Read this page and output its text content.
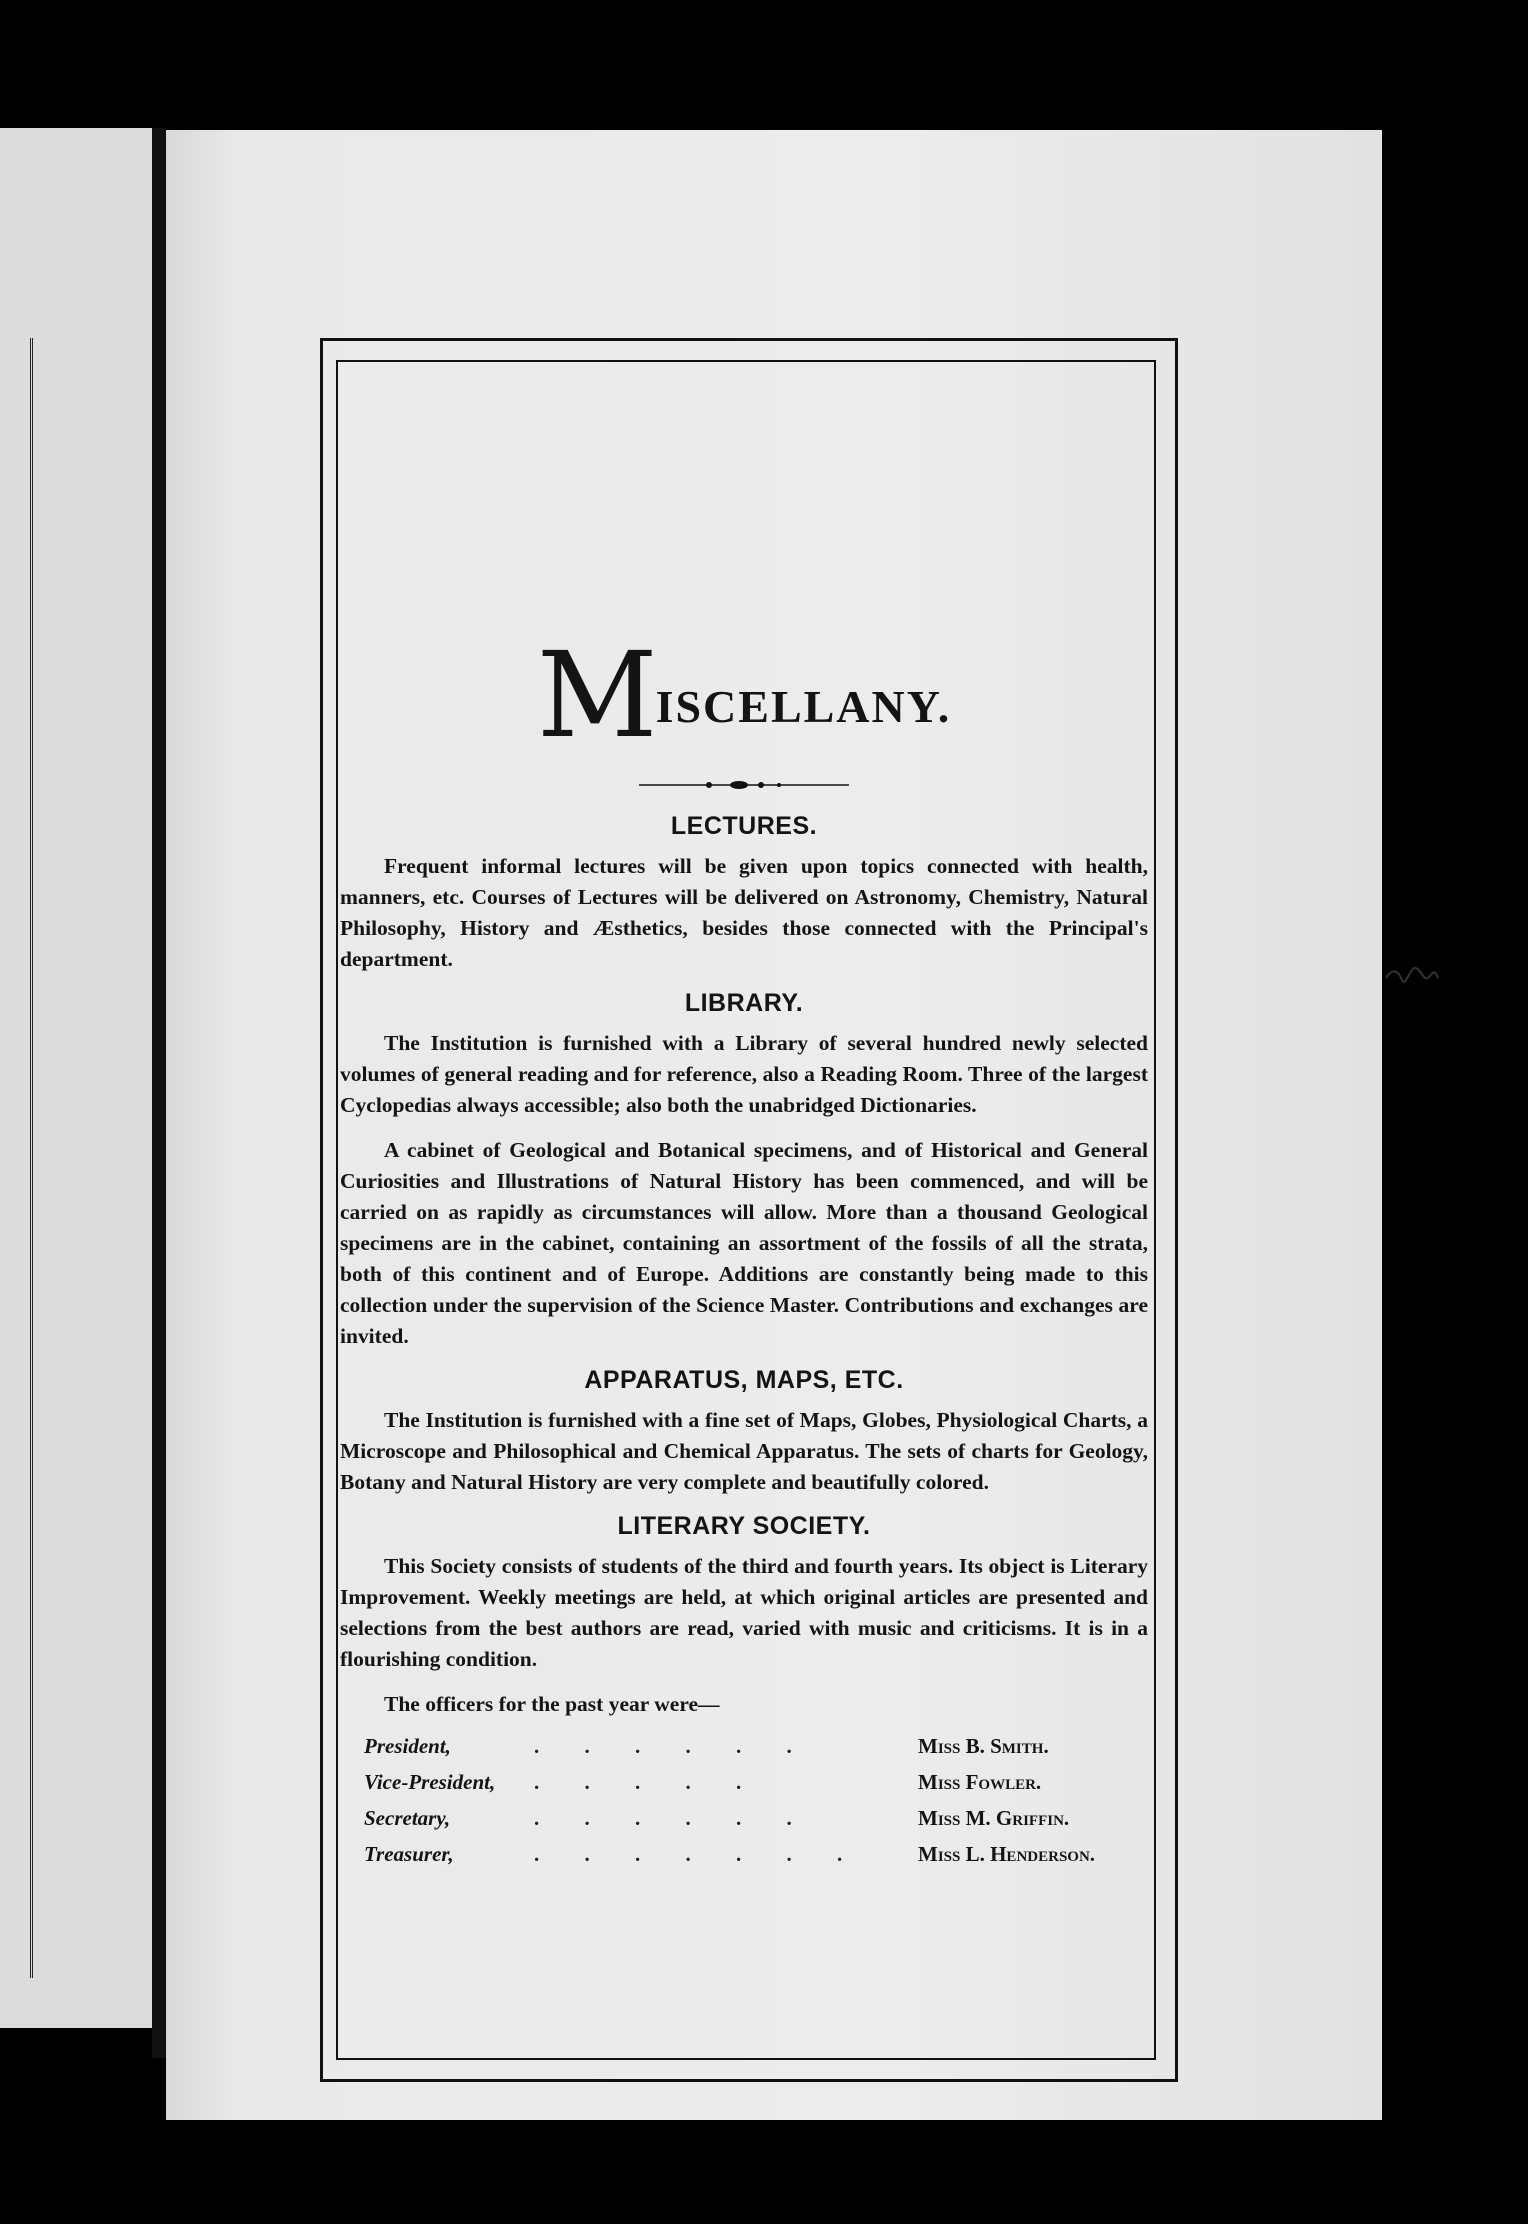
M ISCELLANY.
LECTURES.

Frequent informal lectures will be given upon topics connected with health, manners, etc. Courses of Lectures will be delivered on Astronomy, Chemistry, Natural Philosophy, History and Æsthetics, besides those connected with the Principal's department.

LIBRARY.

The Institution is furnished with a Library of several hundred newly selected volumes of general reading and for reference, also a Reading Room. Three of the largest Cyclopedias always accessible; also both the unabridged Dictionaries.

A cabinet of Geological and Botanical specimens, and of Historical and General Curiosities and Illustrations of Natural History has been commenced, and will be carried on as rapidly as circumstances will allow. More than a thousand Geological specimens are in the cabinet, containing an assortment of the fossils of all the strata, both of this continent and of Europe. Additions are constantly being made to this collection under the supervision of the Science Master. Contributions and exchanges are invited.

APPARATUS, MAPS, ETC.

The Institution is furnished with a fine set of Maps, Globes, Physiological Charts, a Microscope and Philosophical and Chemical Apparatus. The sets of charts for Geology, Botany and Natural History are very complete and beautifully colored.

LITERARY SOCIETY.

This Society consists of students of the third and fourth years. Its object is Literary Improvement. Weekly meetings are held, at which original articles are presented and selections from the best authors are read, varied with music and criticisms. It is in a flourishing condition.

The officers for the past year were—

President,	. . . . . .	Miss B. Smith.
Vice-President,	. . . . .	Miss Fowler.
Secretary,	. . . . . .	Miss M. Griffin.
Treasurer,	. . . . . . .	Miss L. Henderson.
